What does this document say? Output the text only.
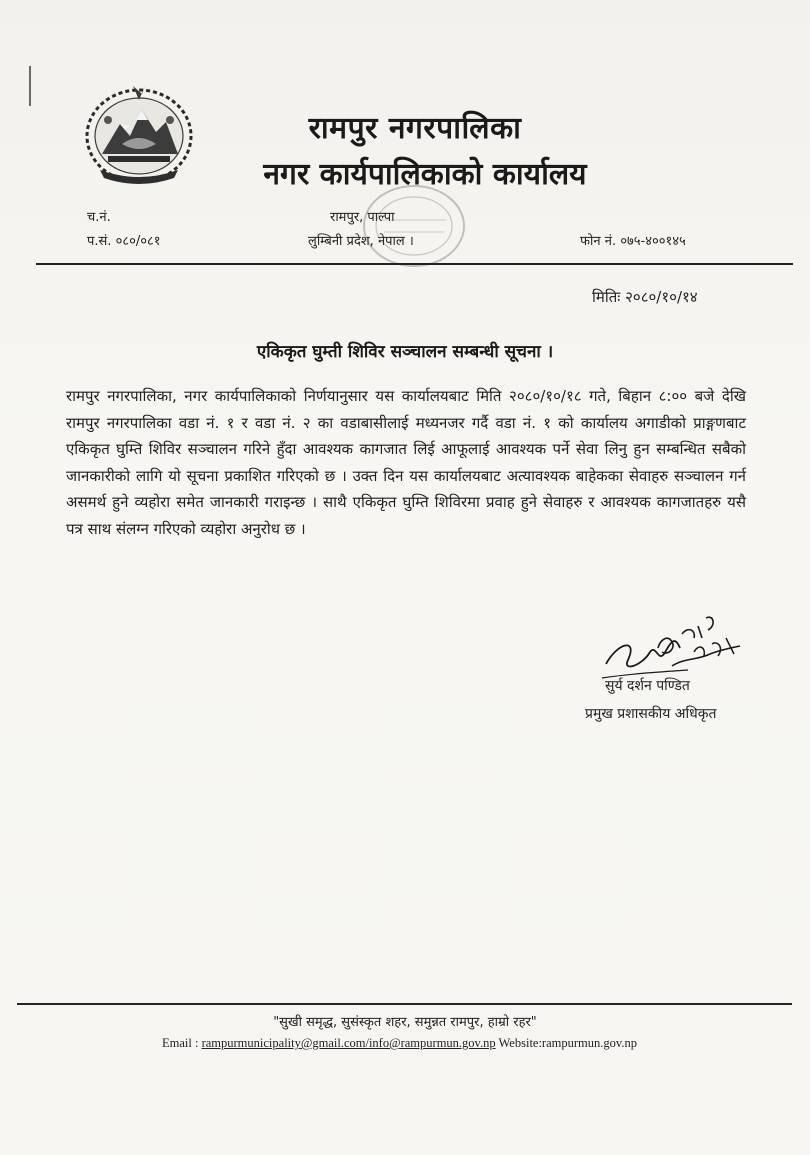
रामपुर नगरपालिका
नगर कार्यपालिकाको कार्यालय
च.नं.
प.सं. ०८०/०८१
रामपुर, पाल्पा
लुम्बिनी प्रदेश, नेपाल ।	फोन नं. ०७५-४००१४५
मितिः २०८०/१०/१४
एकिकृत घुम्ती शिविर सञ्चालन सम्बन्धी सूचना ।
रामपुर नगरपालिका, नगर कार्यपालिकाको निर्णयानुसार यस कार्यालयबाट मिति २०८०/१०/१८ गते, बिहान ८:०० बजे देखि रामपुर नगरपालिका वडा नं. १ र वडा नं. २ का वडाबासीलाई मध्यनजर गर्दै वडा नं. १ को कार्यालय अगाडीको प्राङ्गणबाट एकिकृत घुम्ति शिविर सञ्चालन गरिने हुँदा आवश्यक कागजात लिई आफूलाई आवश्यक पर्ने सेवा लिनु हुन सम्बन्धित सबैको जानकारीको लागि यो सूचना प्रकाशित गरिएको छ । उक्त दिन यस कार्यालयबाट अत्यावश्यक बाहेकका सेवाहरु सञ्चालन गर्न असमर्थ हुने व्यहोरा समेत जानकारी गराइन्छ । साथै एकिकृत घुम्ति शिविरमा प्रवाह हुने सेवाहरु र आवश्यक कागजातहरु यसै पत्र साथ संलग्न गरिएको व्यहोरा अनुरोध छ ।
सुर्य दर्शन पण्डित
प्रमुख प्रशासकीय अधिकृत
"सुखी समृद्ध, सुसंस्कृत शहर, समुन्नत रामपुर, हाम्रो रहर"
Email : rampurmunicipality@gmail.com/info@rampurmun.gov.np Website:rampurmun.gov.np
